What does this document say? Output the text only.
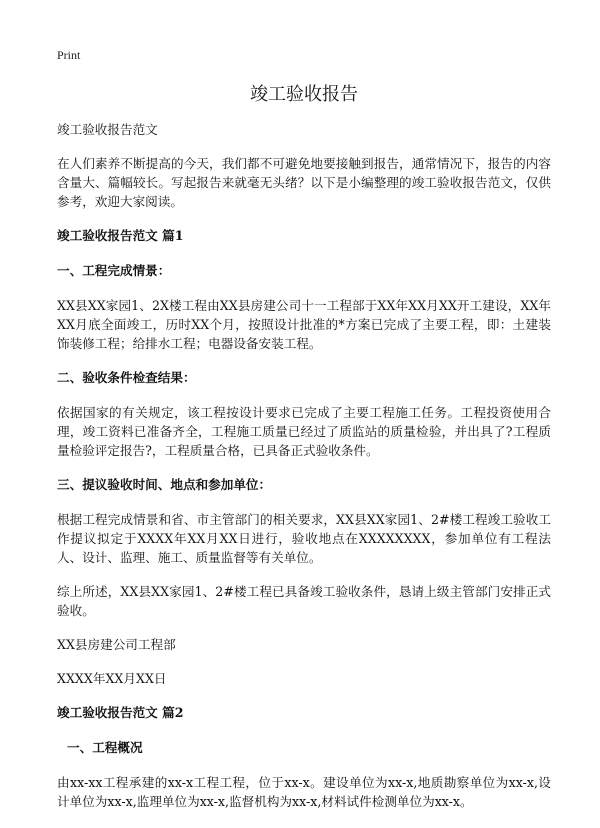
Print
竣工验收报告
竣工验收报告范文
在人们素养不断提高的今天，我们都不可避免地要接触到报告，通常情况下，报告的内容含量大、篇幅较长。写起报告来就毫无头绪？以下是小编整理的竣工验收报告范文，仅供参考，欢迎大家阅读。
竣工验收报告范文 篇1
一、工程完成情景：
XX县XX家园1、2X楼工程由XX县房建公司十一工程部于XX年XX月XX开工建设，XX年XX月底全面竣工，历时XX个月，按照设计批准的*方案已完成了主要工程，即：土建装饰装修工程；给排水工程；电器设备安装工程。
二、验收条件检查结果：
依据国家的有关规定，该工程按设计要求已完成了主要工程施工任务。工程投资使用合理，竣工资料已准备齐全，工程施工质量已经过了质监站的质量检验，并出具了?工程质量检验评定报告?，工程质量合格，已具备正式验收条件。
三、提议验收时间、地点和参加单位：
根据工程完成情景和省、市主管部门的相关要求，XX县XX家园1、2#楼工程竣工验收工作提议拟定于XXXX年XX月XX日进行，验收地点在XXXXXXXX，参加单位有工程法人、设计、监理、施工、质量监督等有关单位。
综上所述，XX县XX家园1、2#楼工程已具备竣工验收条件，恳请上级主管部门安排正式验收。
XX县房建公司工程部
XXXX年XX月XX日
竣工验收报告范文 篇2
一、工程概况
由xx-xx工程承建的xx-x工程工程，位于xx-x。建设单位为xx-x,地质勘察单位为xx-x,设计单位为xx-x,监理单位为xx-x,监督机构为xx-x,材料试件检测单位为xx-x。
